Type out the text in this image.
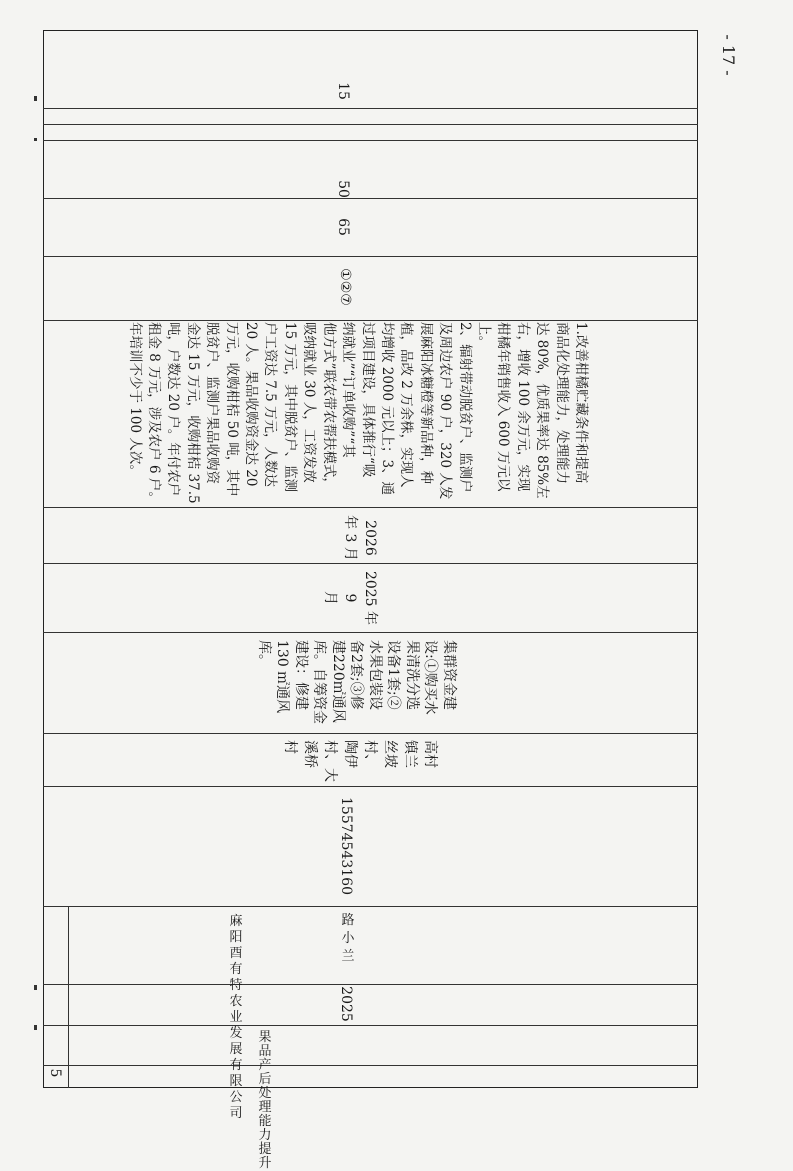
- 17 -
5
果
品
产
后
处
理
能
力
提
升
2025
麻
阳
酉
有
特
农
业
发
展
有
限
公
司
路
小
兰
15574543160
高村
镇兰
丝坡
村、
陶伊
村、大
溪桥
村
集群资金建
设:①购买水
果清洗分选
设备1套;②
水果包装设
备2套;③修
建220㎡通风
库。自筹资金
建设：修建
130 ㎡通风
库。
2025 年 9
月
2026
年 3 月
1.改善柑橘贮藏条件和提高
商品化处理能力，处理能力
达 80%，优质果率达 85%左
右，增收 100 余万元，实现
柑橘年销售收入 600 万元以
上。
2、辐射带动脱贫户、监测户
及周边农户 90 户，320 人发
展麻阳冰糖橙等新品种，种
植，品改 2 万余株，实现人
均增收 2000 元以上；3、通
过项目建设，具体推行“吸
纳就业”“订单收购”“其
他方式”联农带农帮扶模式，
吸纳就业 30 人，工资发放
15 万元，其中脱贫户、监测
户工资达 7.5 万元，人数达
20 人。果品收购资金达 20
万元，收购柑桔 50 吨，其中
脱贫户、监测户果品收购资
金达 15 万元，收购柑桔 37.5
吨，户数达 20 户。年付农户
租金 8 万元，涉及农户 6 户。
年培训不少于 100 人次。
①②⑦
65
50
15
